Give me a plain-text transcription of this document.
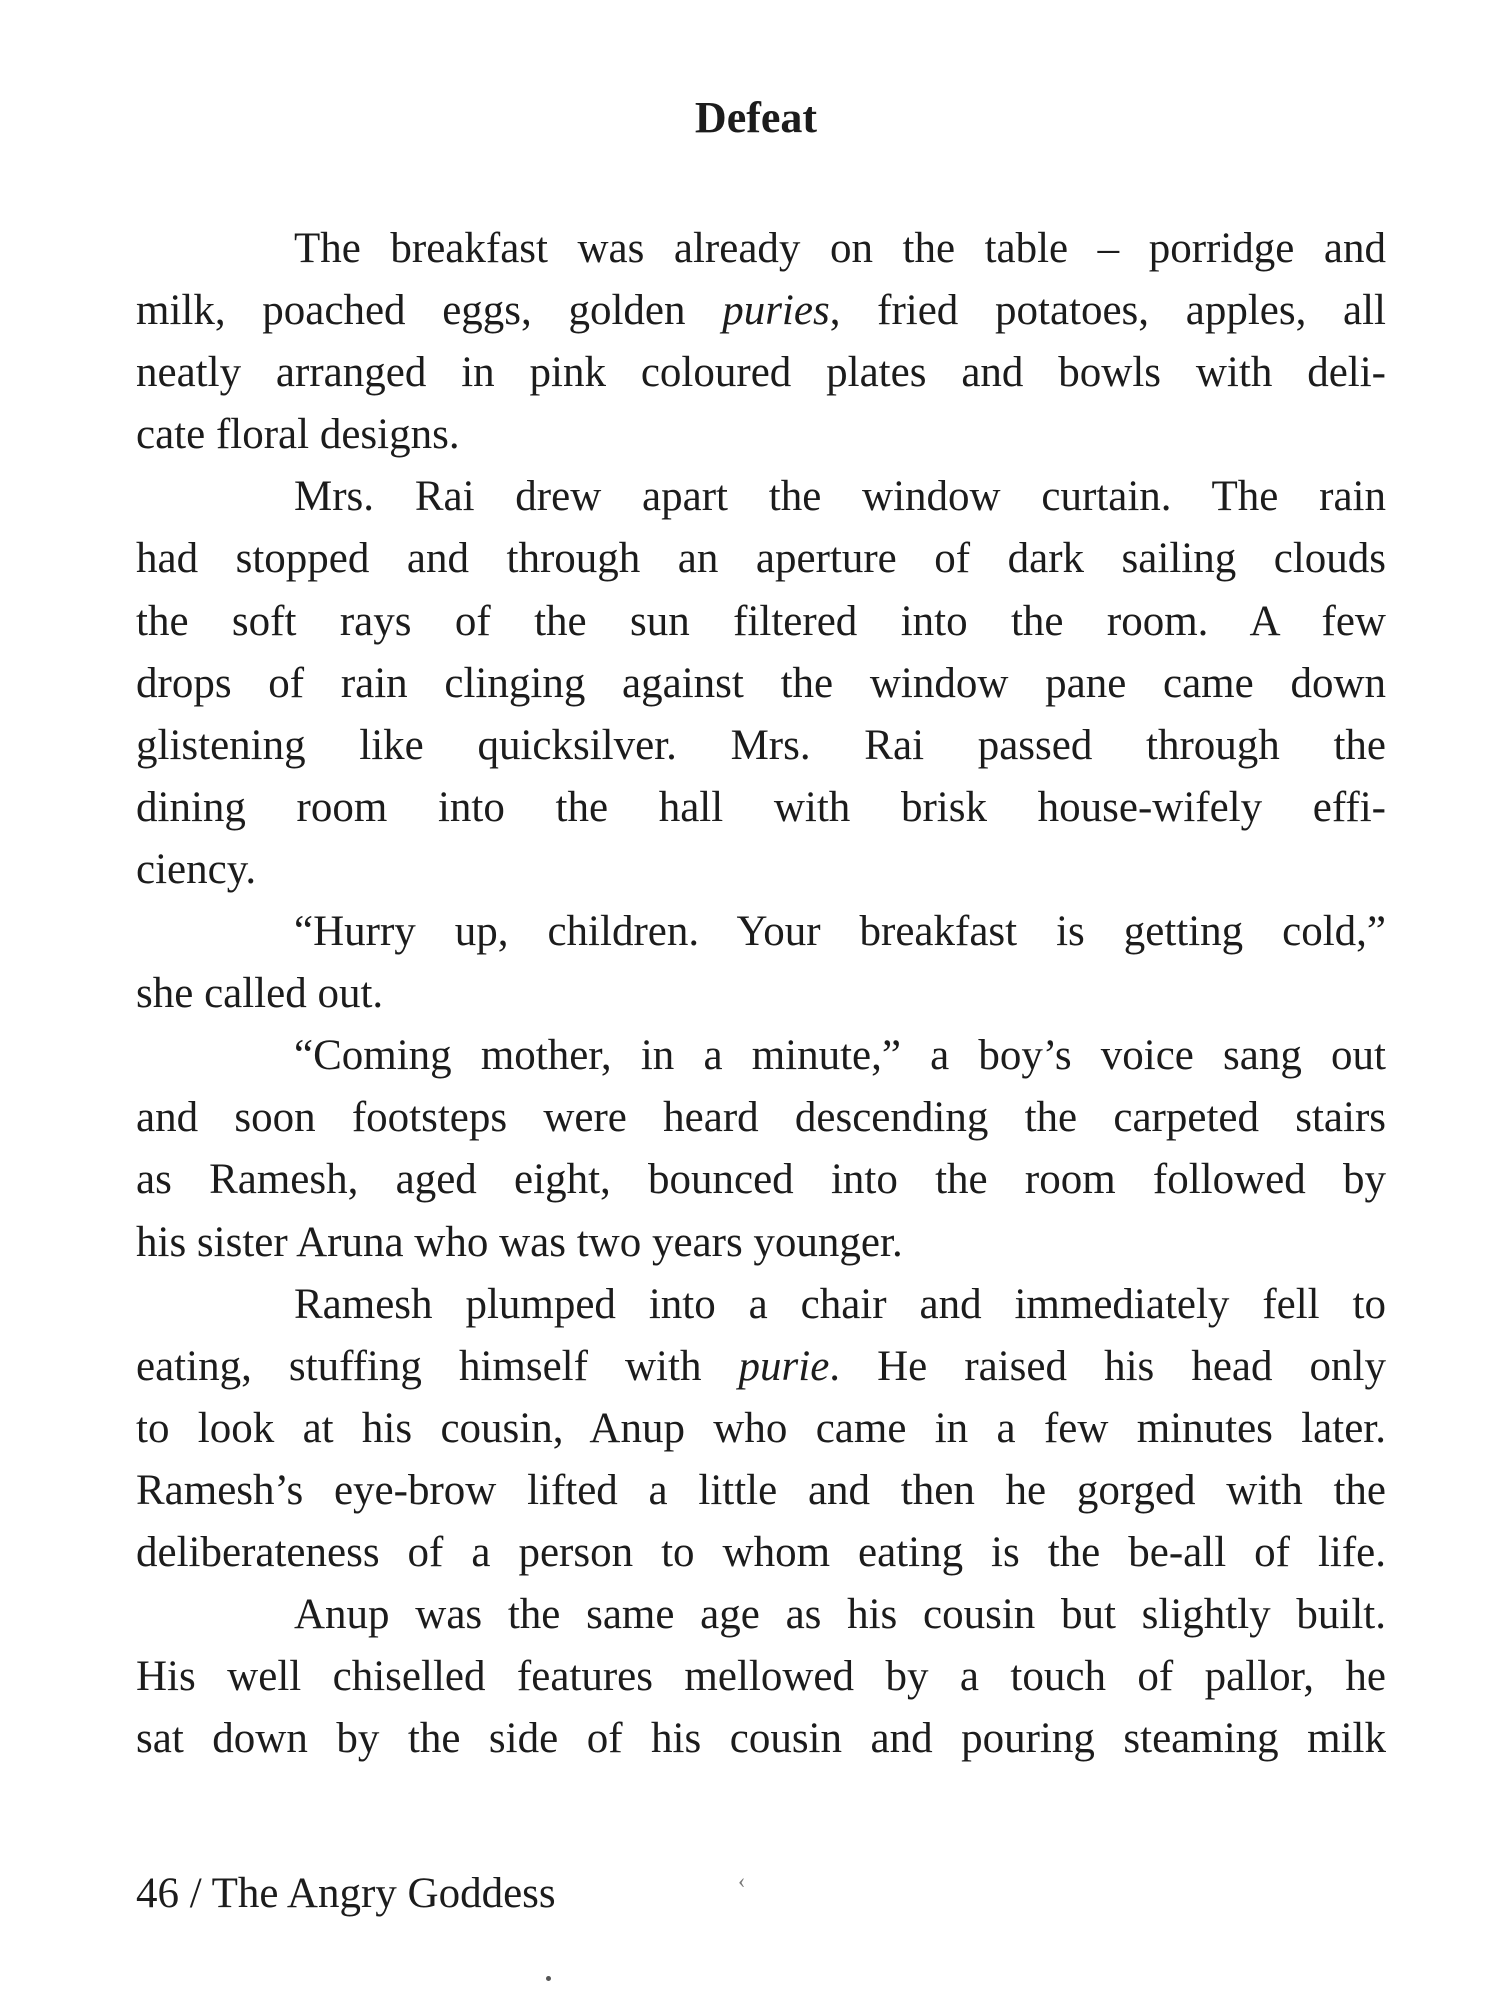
Defeat
The breakfast was already on the table – porridge and
milk, poached eggs, golden puries, fried potatoes, apples, all
neatly arranged in pink coloured plates and bowls with deli-
cate floral designs.
Mrs. Rai drew apart the window curtain. The rain
had stopped and through an aperture of dark sailing clouds
the soft rays of the sun filtered into the room. A few
drops of rain clinging against the window pane came down
glistening like quicksilver. Mrs. Rai passed through the
dining room into the hall with brisk house-wifely effi-
ciency.
“Hurry up, children. Your breakfast is getting cold,”
she called out.
“Coming mother, in a minute,” a boy’s voice sang out
and soon footsteps were heard descending the carpeted stairs
as Ramesh, aged eight, bounced into the room followed by
his sister Aruna who was two years younger.
Ramesh plumped into a chair and immediately fell to
eating, stuffing himself with purie. He raised his head only
to look at his cousin, Anup who came in a few minutes later.
Ramesh’s eye-brow lifted a little and then he gorged with the
deliberateness of a person to whom eating is the be-all of life.
Anup was the same age as his cousin but slightly built.
His well chiselled features mellowed by a touch of pallor, he
sat down by the side of his cousin and pouring steaming milk
46 / The Angry Goddess	‹
